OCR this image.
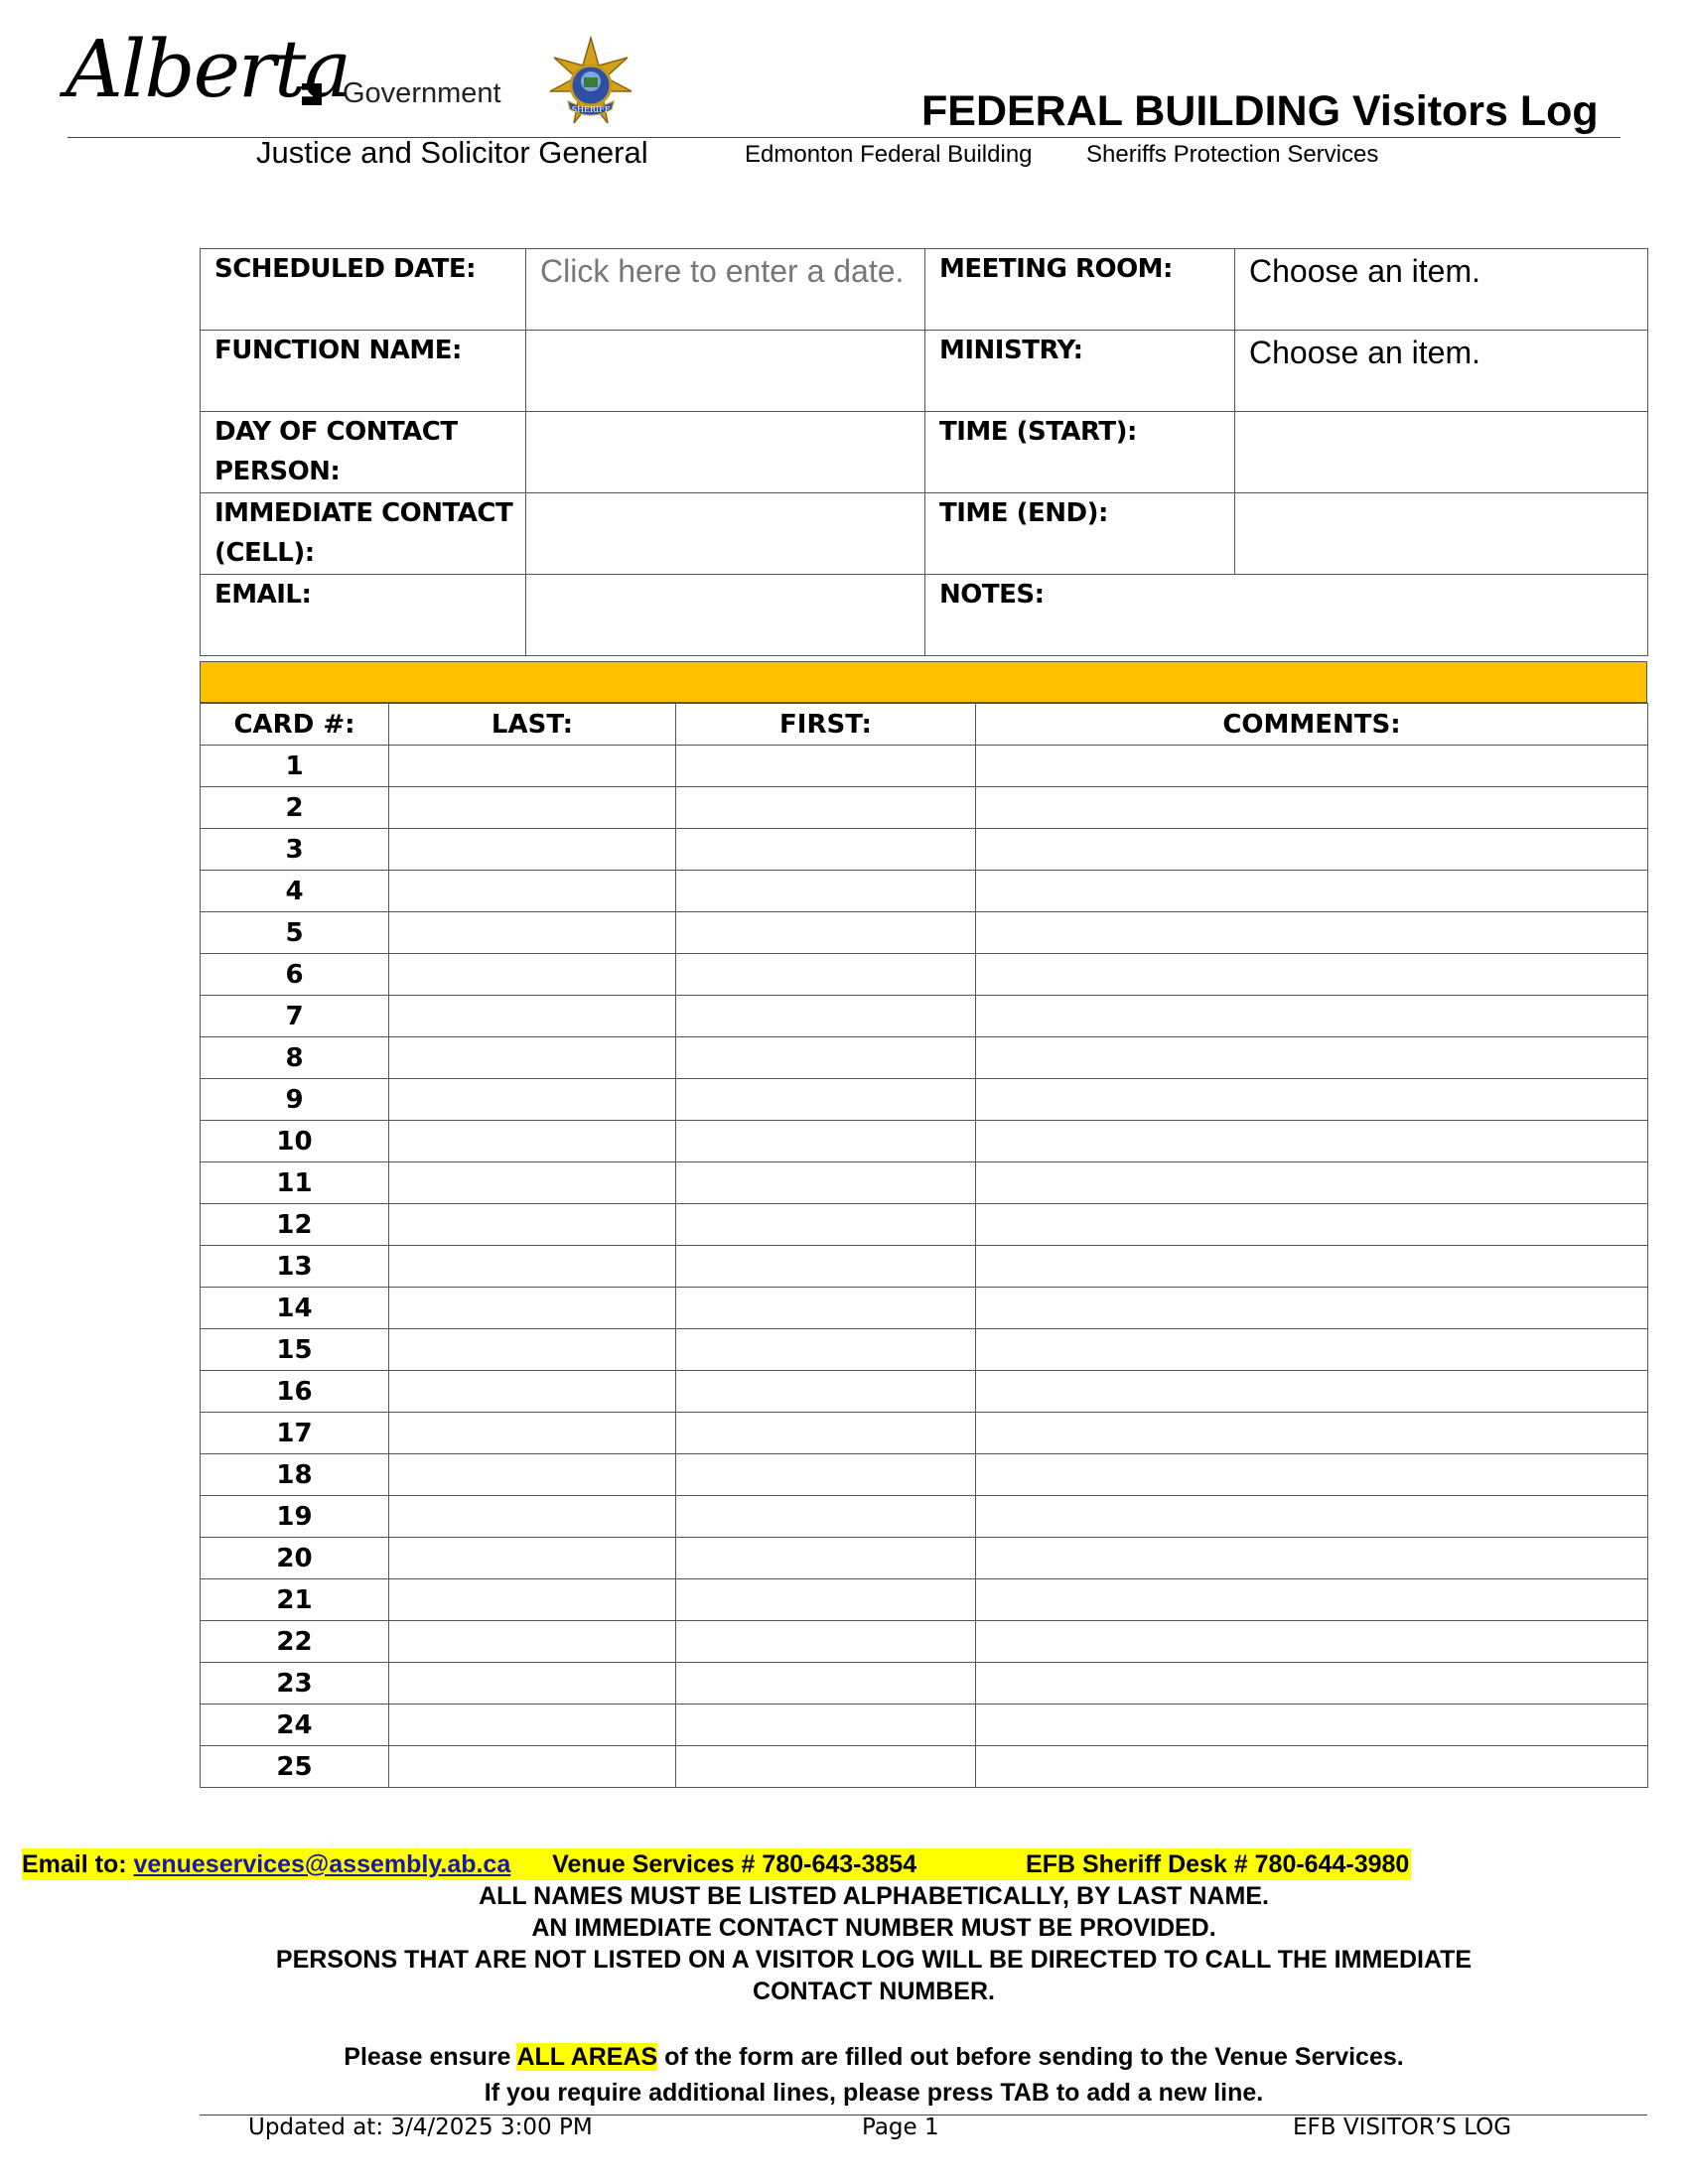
Alberta
Government
SHERIFF	FEDERAL BUILDING Visitors Log
Justice and Solicitor General	Edmonton Federal Building Sheriffs Protection Services
SCHEDULED DATE:	Click here to enter a date.	MEETING ROOM:	Choose an item.
FUNCTION NAME:		MINISTRY:	Choose an item.
DAY OF CONTACT PERSON:		TIME (START):	
IMMEDIATE CONTACT (CELL):		TIME (END):	
EMAIL:		NOTES:	
CARD #:	LAST:	FIRST:	COMMENTS:
1			
2			
3			
4			
5			
6			
7			
8			
9			
10			
11			
12			
13			
14			
15			
16			
17			
18			
19			
20			
21			
22			
23			
24			
25			
Email to: venueservices@assembly.ab.ca Venue Services # 780-643-3854	EFB Sheriff Desk # 780-644-3980
ALL NAMES MUST BE LISTED ALPHABETICALLY, BY LAST NAME.
AN IMMEDIATE CONTACT NUMBER MUST BE PROVIDED.
PERSONS THAT ARE NOT LISTED ON A VISITOR LOG WILL BE DIRECTED TO CALL THE IMMEDIATE CONTACT NUMBER.
Please ensure ALL AREAS of the form are filled out before sending to the Venue Services.
If you require additional lines, please press TAB to add a new line.
Updated at: 3/4/2025 3:00 PM	Page 1	EFB VISITOR’S LOG
